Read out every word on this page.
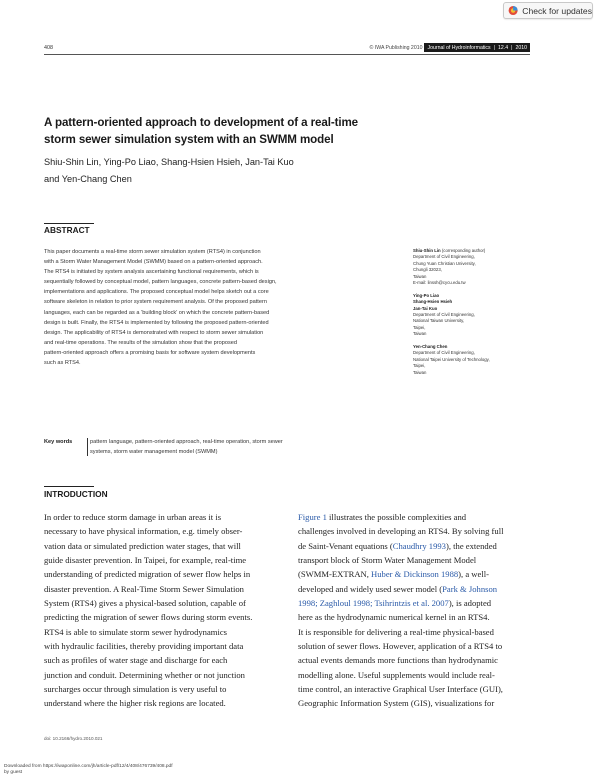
Check for updates
408	© IWA Publishing 2010 Journal of Hydroinformatics | 12.4 | 2010
A pattern-oriented approach to development of a real-time
storm sewer simulation system with an SWMM model
Shiu-Shin Lin, Ying-Po Liao, Shang-Hsien Hsieh, Jan-Tai Kuo
and Yen-Chang Chen
ABSTRACT
This paper documents a real-time storm sewer simulation system (RTS4) in conjunction
with a Storm Water Management Model (SWMM) based on a pattern-oriented approach.
The RTS4 is initiated by system analysis ascertaining functional requirements, which is
sequentially followed by conceptual model, pattern languages, concrete pattern-based design,
implementations and applications. The proposed conceptual model helps sketch out a core
software skeleton in relation to prior system requirement analysis. Of the proposed pattern
languages, each can be regarded as a ‘building block’ on which the concrete pattern-based
design is built. Finally, the RTS4 is implemented by following the proposed pattern-oriented
design. The applicability of RTS4 is demonstrated with respect to storm sewer simulation
and real-time operations. The results of the simulation show that the proposed
pattern-oriented approach offers a promising basis for software system developments
such as RTS4.
Key words	pattern language, pattern-oriented approach, real-time operation, storm sewer
systems, storm water management model (SWMM)
Shiu-Shin Lin (corresponding author)
Department of Civil Engineering,
Chung Yuan Christian University,
Chungli 32023,
Taiwan
E-mail: linssh@cycu.edu.tw
Ying-Po Liao
Shang-Hsien Hsieh
Jan-Tai Kuo
Department of Civil Engineering,
National Taiwan University,
Taipei,
Taiwan
Yen-Chang Chen
Department of Civil Engineering,
National Taipei University of Technology,
Taipei,
Taiwan
INTRODUCTION
In order to reduce storm damage in urban areas it is
necessary to have physical information, e.g. timely obser-
vation data or simulated prediction water stages, that will
guide disaster prevention. In Taipei, for example, real-time
understanding of predicted migration of sewer flow helps in
disaster prevention. A Real-Time Storm Sewer Simulation
System (RTS4) gives a physical-based solution, capable of
predicting the migration of sewer flows during storm events.
RTS4 is able to simulate storm sewer hydrodynamics
with hydraulic facilities, thereby providing important data
such as profiles of water stage and discharge for each
junction and conduit. Determining whether or not junction
surcharges occur through simulation is very useful to
understand where the higher risk regions are located.
Figure 1 illustrates the possible complexities and
challenges involved in developing an RTS4. By solving full
de Saint-Venant equations (Chaudhry 1993), the extended
transport block of Storm Water Management Model
(SWMM-EXTRAN, Huber & Dickinson 1988), a well-
developed and widely used sewer model (Park & Johnson
1998; Zaghloul 1998; Tsihrintzis et al. 2007), is adopted
here as the hydrodynamic numerical kernel in an RTS4.
It is responsible for delivering a real-time physical-based
solution of sewer flows. However, application of a RTS4 to
actual events demands more functions than hydrodynamic
modelling alone. Useful supplements would include real-
time control, an interactive Graphical User Interface (GUI),
Geographic Information System (GIS), visualizations for
doi: 10.2166/hydro.2010.021
Downloaded from https://iwaponline.com/jh/article-pdf/12/4/408/476739/408.pdf
by guest
